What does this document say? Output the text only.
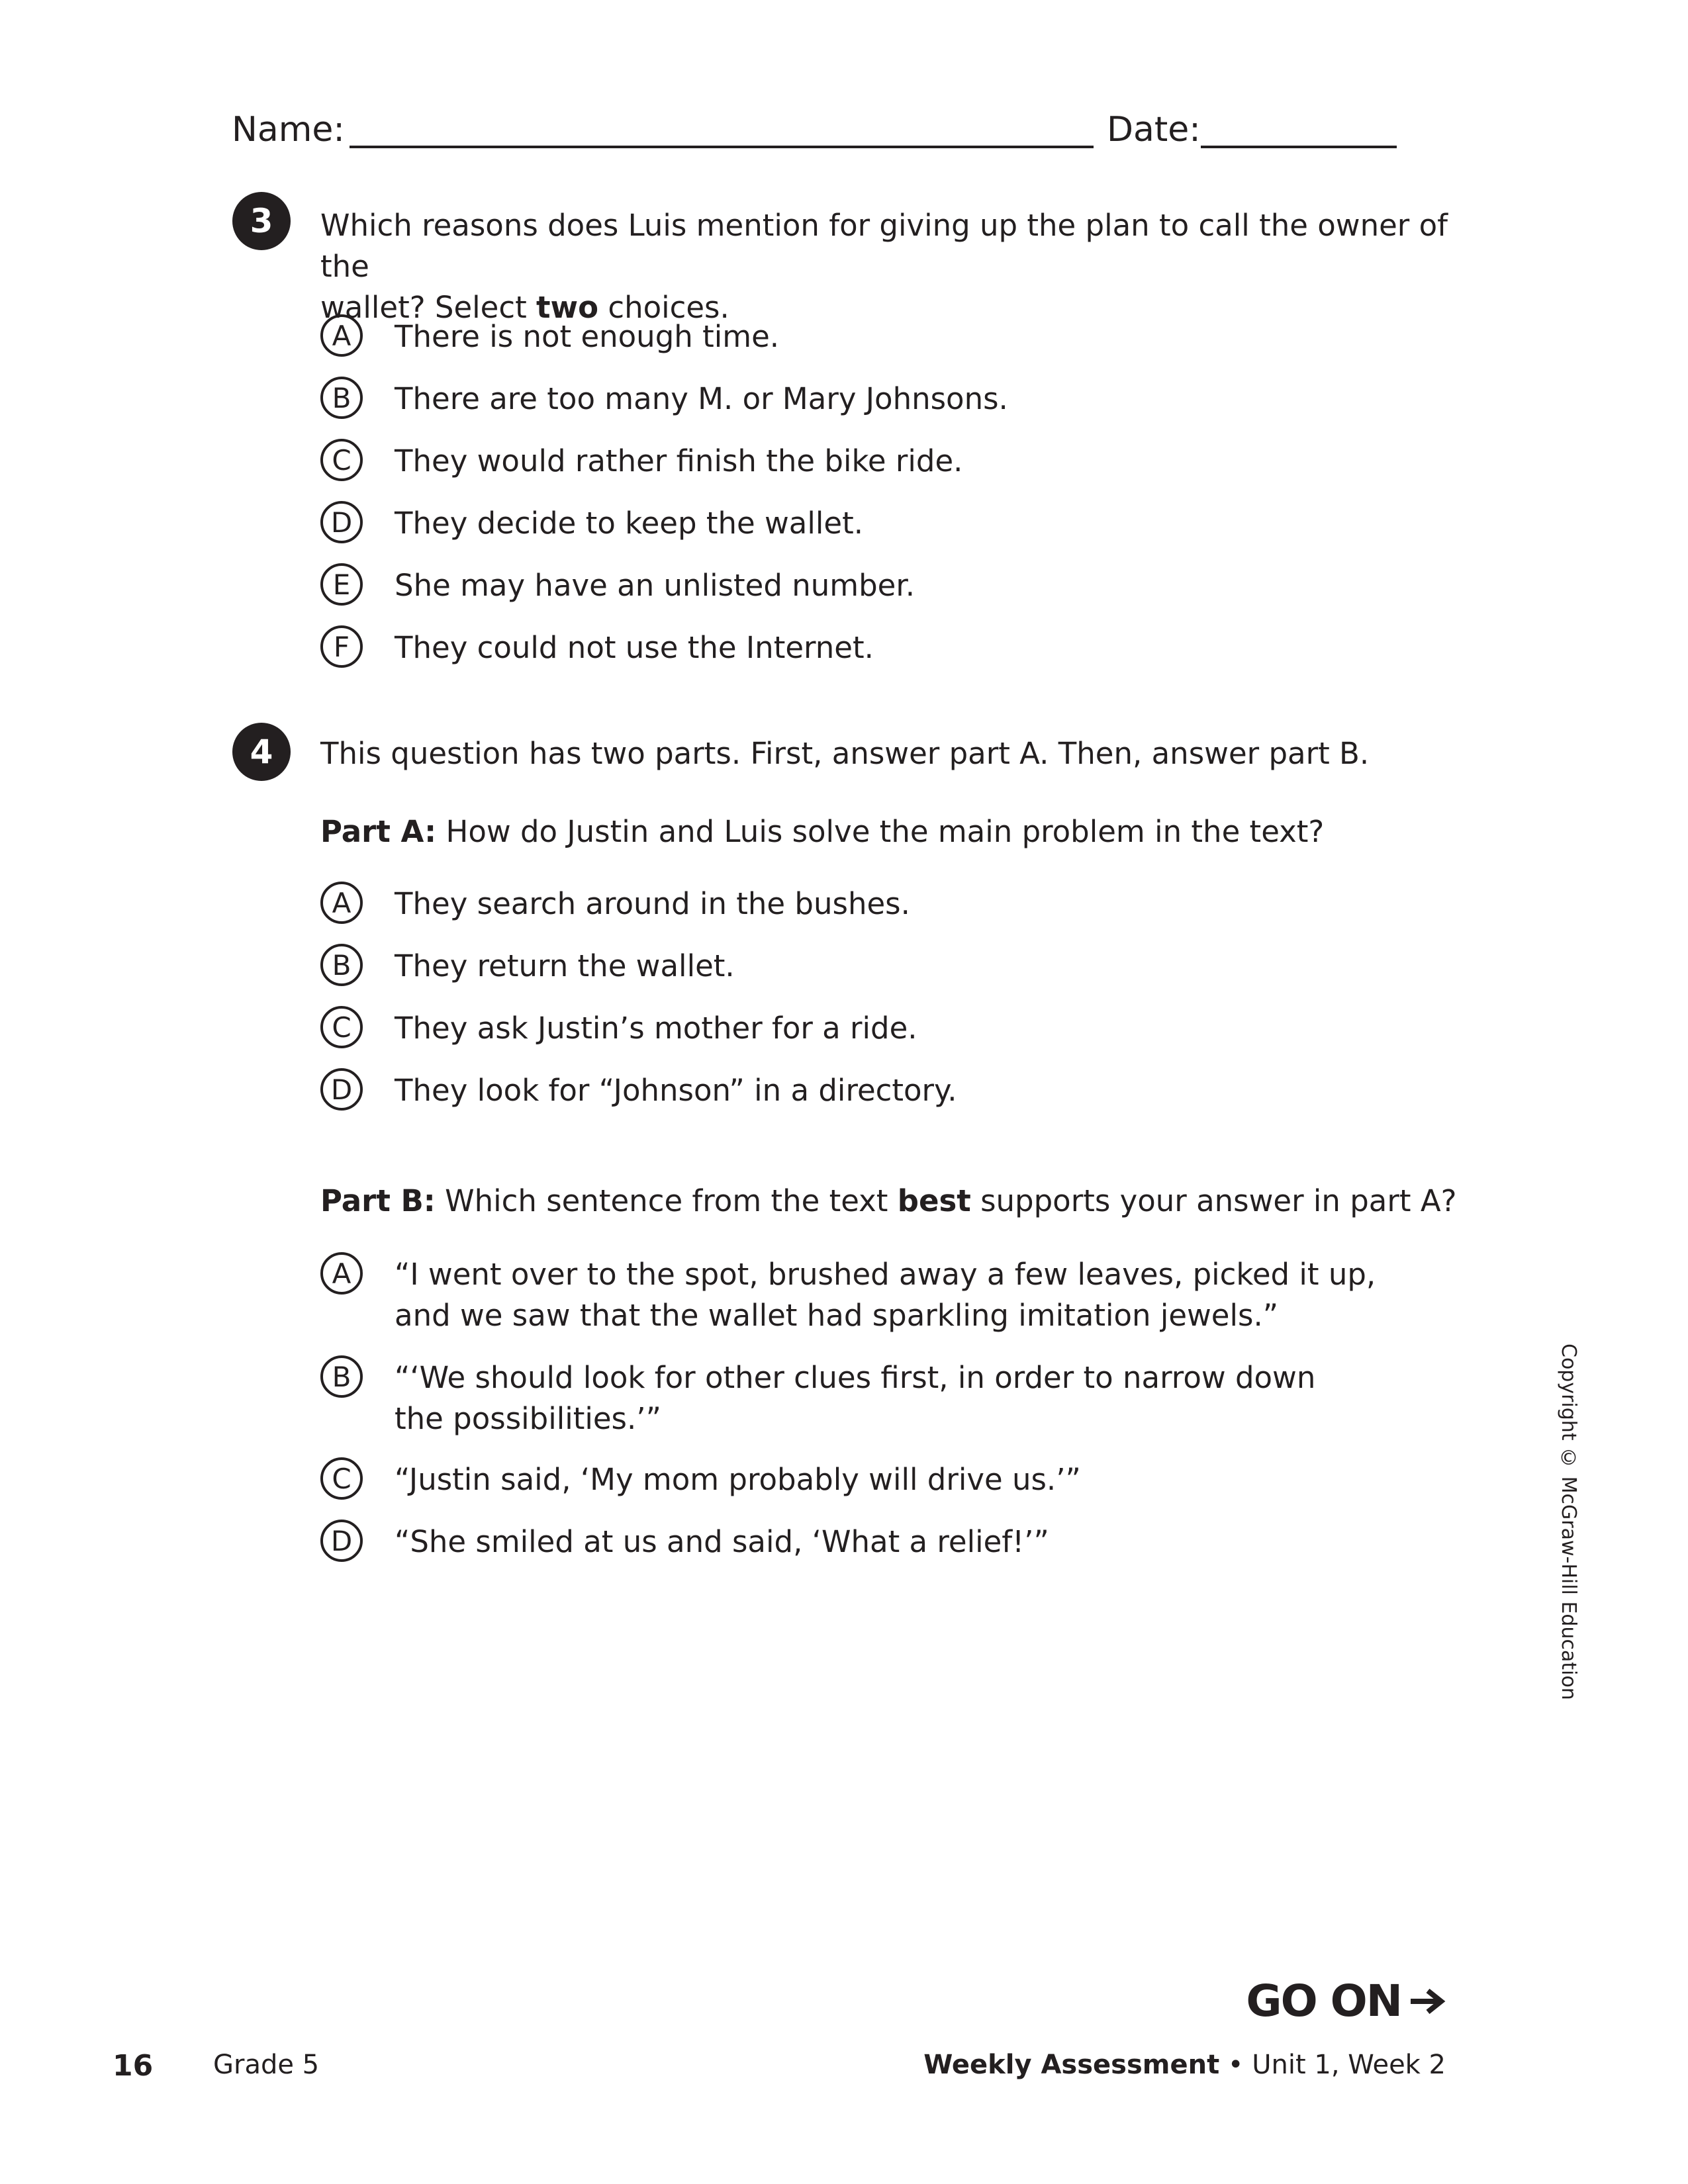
Name:	Date:
3	Which reasons does Luis mention for giving up the plan to call the owner of the
wallet? Select two choices.
A	There is not enough time.
B	There are too many M. or Mary Johnsons.
C	They would rather finish the bike ride.
D	They decide to keep the wallet.
E	She may have an unlisted number.
F	They could not use the Internet.
4	This question has two parts. First, answer part A. Then, answer part B.
Part A: How do Justin and Luis solve the main problem in the text?
A	They search around in the bushes.
B	They return the wallet.
C	They ask Justin’s mother for a ride.
D	They look for “Johnson” in a directory.
Part B: Which sentence from the text best supports your answer in part A?
A	“I went over to the spot, brushed away a few leaves, picked it up,
and we saw that the wallet had sparkling imitation jewels.”
B	“‘We should look for other clues first, in order to narrow down
the possibilities.’”
C	“Justin said, ‘My mom probably will drive us.’”
D	“She smiled at us and said, ‘What a relief!’”	Copyright © McGraw-Hill Education
GO ON
16 Grade 5	Weekly Assessment • Unit 1, Week 2
